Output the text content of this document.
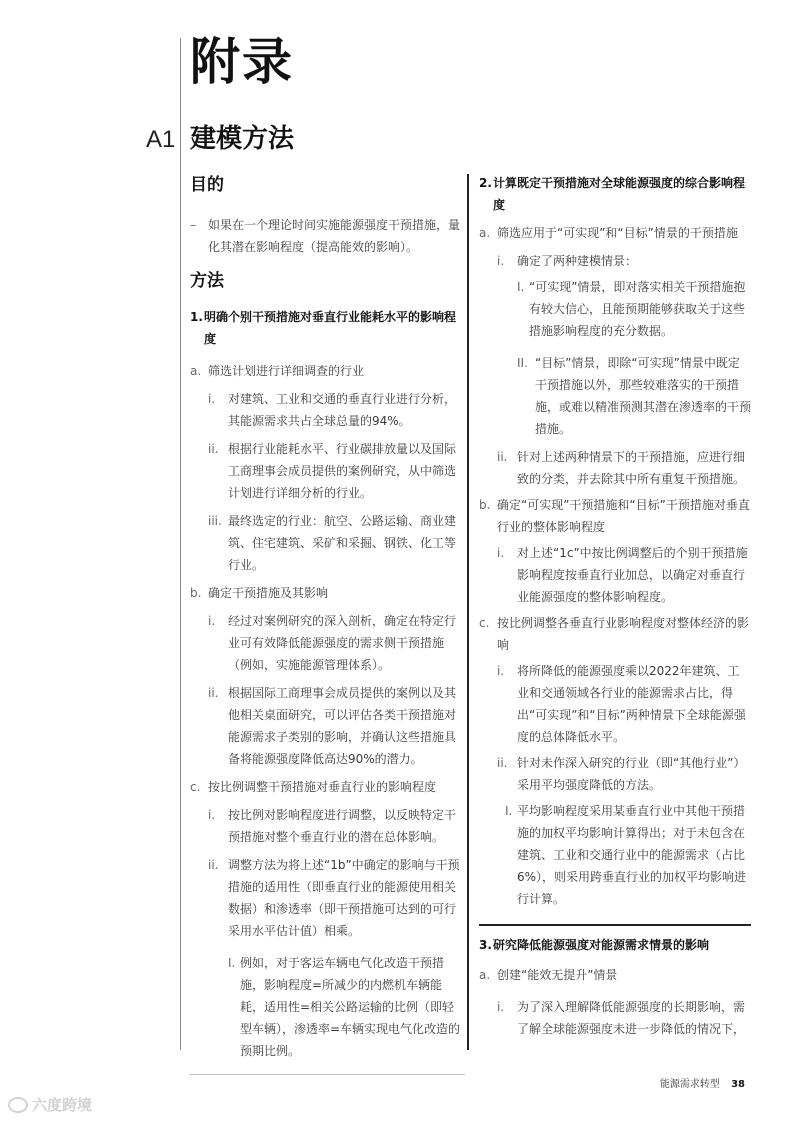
附录
A1 建模方法
目的
–	如果在一个理论时间实施能源强度干预措施，量化其潜在影响程度（提高能效的影响）。
方法
1. 明确个别干预措施对垂直行业能耗水平的影响程度
a. 筛选计划进行详细调查的行业
i.	对建筑、工业和交通的垂直行业进行分析，其能源需求共占全球总量的94%。
ii. 根据行业能耗水平、行业碳排放量以及国际工商理事会成员提供的案例研究，从中筛选计划进行详细分析的行业。
iii. 最终选定的行业：航空、公路运输、商业建筑、住宅建筑、采矿和采掘、钢铁、化工等行业。
b. 确定干预措施及其影响
i.	经过对案例研究的深入剖析，确定在特定行业可有效降低能源强度的需求侧干预措施（例如，实施能源管理体系）。
ii. 根据国际工商理事会成员提供的案例以及其他相关桌面研究，可以评估各类干预措施对能源需求子类别的影响，并确认这些措施具备将能源强度降低高达90%的潜力。
c. 按比例调整干预措施对垂直行业的影响程度
i.	按比例对影响程度进行调整，以反映特定干预措施对整个垂直行业的潜在总体影响。
ii. 调整方法为将上述“1b”中确定的影响与干预措施的适用性（即垂直行业的能源使用相关数据）和渗透率（即干预措施可达到的可行采用水平估计值）相乘。
I. 例如，对于客运车辆电气化改造干预措施，影响程度=所减少的内燃机车辆能耗，适用性=相关公路运输的比例（即轻型车辆），渗透率=车辆实现电气化改造的预期比例。
2. 计算既定干预措施对全球能源强度的综合影响程度
a. 筛选应用于“可实现”和“目标”情景的干预措施
i.	确定了两种建模情景：
I. “可实现”情景，即对落实相关干预措施抱有较大信心，且能预期能够获取关于这些措施影响程度的充分数据。
II. “目标”情景，即除“可实现”情景中既定干预措施以外，那些较难落实的干预措施，或难以精准预测其潜在渗透率的干预措施。
ii. 针对上述两种情景下的干预措施，应进行细致的分类，并去除其中所有重复干预措施。
b. 确定“可实现”干预措施和“目标”干预措施对垂直行业的整体影响程度
i.	对上述“1c”中按比例调整后的个别干预措施影响程度按垂直行业加总，以确定对垂直行业能源强度的整体影响程度。
c. 按比例调整各垂直行业影响程度对整体经济的影响
i.	将所降低的能源强度乘以2022年建筑、工业和交通领域各行业的能源需求占比，得出“可实现”和“目标”两种情景下全球能源强度的总体降低水平。
ii. 针对未作深入研究的行业（即“其他行业”）采用平均强度降低的方法。
I. 平均影响程度采用某垂直行业中其他干预措施的加权平均影响计算得出；对于未包含在建筑、工业和交通行业中的能源需求（占比6%），则采用跨垂直行业的加权平均影响进行计算。
3. 研究降低能源强度对能源需求情景的影响
a. 创建“能效无提升”情景
i.	为了深入理解降低能源强度的长期影响，需了解全球能源强度未进一步降低的情况下，
能源需求转型 38
六度跨境
